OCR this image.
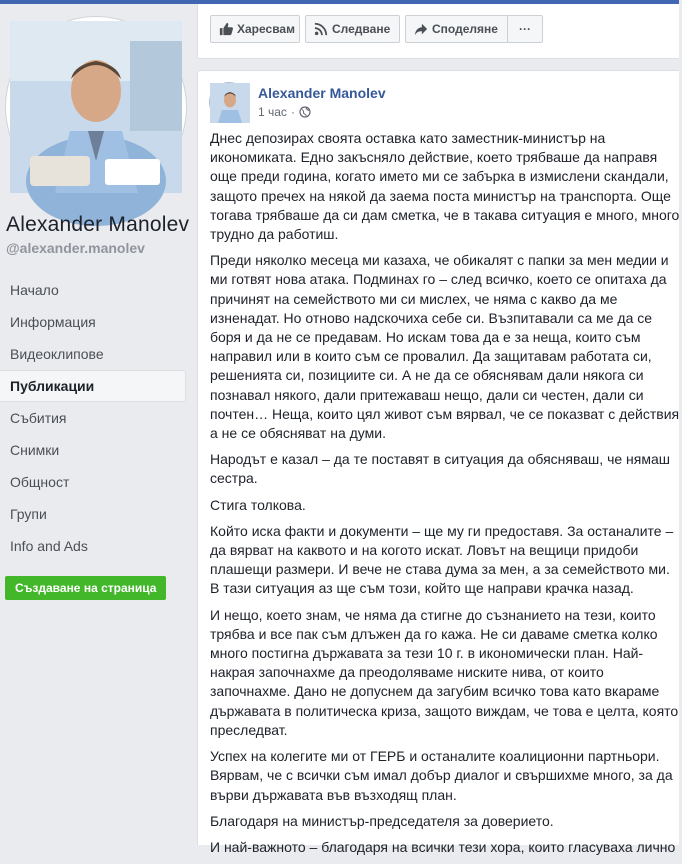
Alexander Manolev
@alexander.manolev
Начало
Информация
Видеоклипове
Публикации
Събития
Снимки
Общност
Групи
Info and Ads
Създаване на страница
Харесвам	Следване	Споделяне ···
Alexander Manolev
1 час ·

Днес депозирах своята оставка като заместник-министър на икономиката. Едно закъсняло действие, което трябваше да направя още преди година, когато името ми се забърка в измислени скандали, защото пречех на някой да заема поста министър на транспорта. Още тогава трябваше да си дам сметка, че в такава ситуация е много, много трудно да работиш.

Преди няколко месеца ми казаха, че обикалят с папки за мен медии и ми готвят нова атака. Подминах го – след всичко, което се опитаха да причинят на семейството ми си мислех, че няма с какво да ме изненадат. Но отново надскочиха себе си. Възпитавали са ме да се боря и да не се предавам. Но искам това да е за неща, които съм направил или в които съм се провалил. Да защитавам работата си, решенията си, позициите си. А не да се обяснявам дали някога си познавал някого, дали притежаваш нещо, дали си честен, дали си почтен… Неща, които цял живот съм вярвал, че се показват с действия а не се обясняват на думи.

Народът е казал – да те поставят в ситуация да обясняваш, че нямаш сестра.

Стига толкова.

Който иска факти и документи – ще му ги предоставя. За останалите – да вярват на каквото и на когото искат. Ловът на вещици придоби плашещи размери. И вече не става дума за мен, а за семейството ми. В тази ситуация аз ще съм този, който ще направи крачка назад.

И нещо, което знам, че няма да стигне до съзнанието на тези, които трябва и все пак съм длъжен да го кажа. Не си даваме сметка колко много постигна държавата за тези 10 г. в икономически план. Най-накрая започнахме да преодоляваме ниските нива, от които започнахме. Дано не допуснем да загубим всичко това като вкараме държавата в политическа криза, защото виждам, че това е целта, която преследват.

Успех на колегите ми от ГЕРБ и останалите коалиционни партньори. Вярвам, че с всички съм имал добър диалог и свършихме много, за да върви държавата във възходящ план.

Благодаря на министър-председателя за доверието.

И най-важното – благодаря на всички тези хора, които гласуваха лично
